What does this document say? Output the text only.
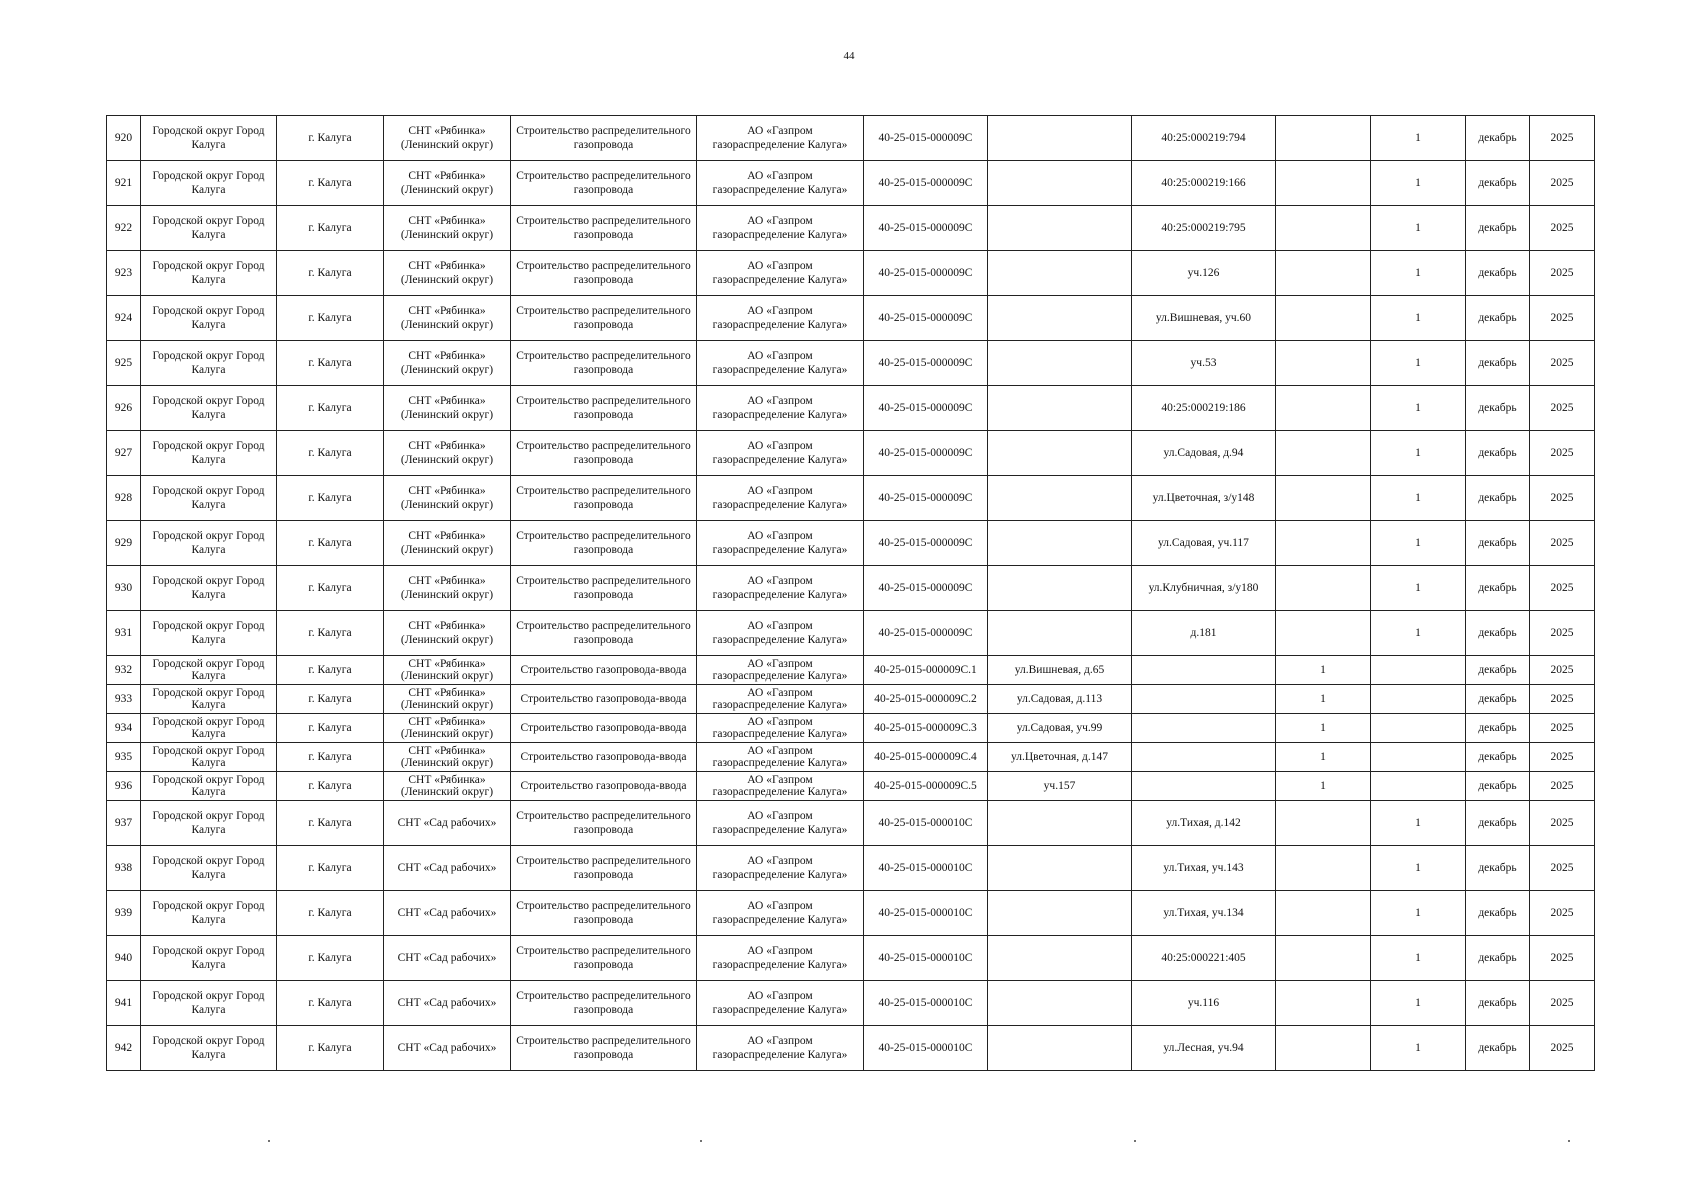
44
920	Городской округ Город
Калуга	г. Калуга	СНТ «Рябинка»
(Ленинский округ)	Строительство распределительного
газопровода	АО «Газпром
газораспределение Калуга»	40-25-015-000009С		40:25:000219:794		1	декабрь	2025
921	Городской округ Город
Калуга	г. Калуга	СНТ «Рябинка»
(Ленинский округ)	Строительство распределительного
газопровода	АО «Газпром
газораспределение Калуга»	40-25-015-000009С		40:25:000219:166		1	декабрь	2025
922	Городской округ Город
Калуга	г. Калуга	СНТ «Рябинка»
(Ленинский округ)	Строительство распределительного
газопровода	АО «Газпром
газораспределение Калуга»	40-25-015-000009С		40:25:000219:795		1	декабрь	2025
923	Городской округ Город
Калуга	г. Калуга	СНТ «Рябинка»
(Ленинский округ)	Строительство распределительного
газопровода	АО «Газпром
газораспределение Калуга»	40-25-015-000009С		уч.126		1	декабрь	2025
924	Городской округ Город
Калуга	г. Калуга	СНТ «Рябинка»
(Ленинский округ)	Строительство распределительного
газопровода	АО «Газпром
газораспределение Калуга»	40-25-015-000009С		ул.Вишневая, уч.60		1	декабрь	2025
925	Городской округ Город
Калуга	г. Калуга	СНТ «Рябинка»
(Ленинский округ)	Строительство распределительного
газопровода	АО «Газпром
газораспределение Калуга»	40-25-015-000009С		уч.53		1	декабрь	2025
926	Городской округ Город
Калуга	г. Калуга	СНТ «Рябинка»
(Ленинский округ)	Строительство распределительного
газопровода	АО «Газпром
газораспределение Калуга»	40-25-015-000009С		40:25:000219:186		1	декабрь	2025
927	Городской округ Город
Калуга	г. Калуга	СНТ «Рябинка»
(Ленинский округ)	Строительство распределительного
газопровода	АО «Газпром
газораспределение Калуга»	40-25-015-000009С		ул.Садовая, д.94		1	декабрь	2025
928	Городской округ Город
Калуга	г. Калуга	СНТ «Рябинка»
(Ленинский округ)	Строительство распределительного
газопровода	АО «Газпром
газораспределение Калуга»	40-25-015-000009С		ул.Цветочная, з/у148		1	декабрь	2025
929	Городской округ Город
Калуга	г. Калуга	СНТ «Рябинка»
(Ленинский округ)	Строительство распределительного
газопровода	АО «Газпром
газораспределение Калуга»	40-25-015-000009С		ул.Садовая, уч.117		1	декабрь	2025
930	Городской округ Город
Калуга	г. Калуга	СНТ «Рябинка»
(Ленинский округ)	Строительство распределительного
газопровода	АО «Газпром
газораспределение Калуга»	40-25-015-000009С		ул.Клубничная, з/у180		1	декабрь	2025
931	Городской округ Город
Калуга	г. Калуга	СНТ «Рябинка»
(Ленинский округ)	Строительство распределительного
газопровода	АО «Газпром
газораспределение Калуга»	40-25-015-000009С		д.181		1	декабрь	2025
932	Городской округ Город
Калуга	г. Калуга	СНТ «Рябинка»
(Ленинский округ)	Строительство газопровода-ввода	АО «Газпром
газораспределение Калуга»	40-25-015-000009С.1	ул.Вишневая, д.65		1		декабрь	2025
933	Городской округ Город
Калуга	г. Калуга	СНТ «Рябинка»
(Ленинский округ)	Строительство газопровода-ввода	АО «Газпром
газораспределение Калуга»	40-25-015-000009С.2	ул.Садовая, д.113		1		декабрь	2025
934	Городской округ Город
Калуга	г. Калуга	СНТ «Рябинка»
(Ленинский округ)	Строительство газопровода-ввода	АО «Газпром
газораспределение Калуга»	40-25-015-000009С.3	ул.Садовая, уч.99		1		декабрь	2025
935	Городской округ Город
Калуга	г. Калуга	СНТ «Рябинка»
(Ленинский округ)	Строительство газопровода-ввода	АО «Газпром
газораспределение Калуга»	40-25-015-000009С.4	ул.Цветочная, д.147		1		декабрь	2025
936	Городской округ Город
Калуга	г. Калуга	СНТ «Рябинка»
(Ленинский округ)	Строительство газопровода-ввода	АО «Газпром
газораспределение Калуга»	40-25-015-000009С.5	уч.157		1		декабрь	2025
937	Городской округ Город
Калуга	г. Калуга	СНТ «Сад рабочих»	Строительство распределительного
газопровода	АО «Газпром
газораспределение Калуга»	40-25-015-000010С		ул.Тихая, д.142		1	декабрь	2025
938	Городской округ Город
Калуга	г. Калуга	СНТ «Сад рабочих»	Строительство распределительного
газопровода	АО «Газпром
газораспределение Калуга»	40-25-015-000010С		ул.Тихая, уч.143		1	декабрь	2025
939	Городской округ Город
Калуга	г. Калуга	СНТ «Сад рабочих»	Строительство распределительного
газопровода	АО «Газпром
газораспределение Калуга»	40-25-015-000010С		ул.Тихая, уч.134		1	декабрь	2025
940	Городской округ Город
Калуга	г. Калуга	СНТ «Сад рабочих»	Строительство распределительного
газопровода	АО «Газпром
газораспределение Калуга»	40-25-015-000010С		40:25:000221:405		1	декабрь	2025
941	Городской округ Город
Калуга	г. Калуга	СНТ «Сад рабочих»	Строительство распределительного
газопровода	АО «Газпром
газораспределение Калуга»	40-25-015-000010С		уч.116		1	декабрь	2025
942	Городской округ Город
Калуга	г. Калуга	СНТ «Сад рабочих»	Строительство распределительного
газопровода	АО «Газпром
газораспределение Калуга»	40-25-015-000010С		ул.Лесная, уч.94		1	декабрь	2025
